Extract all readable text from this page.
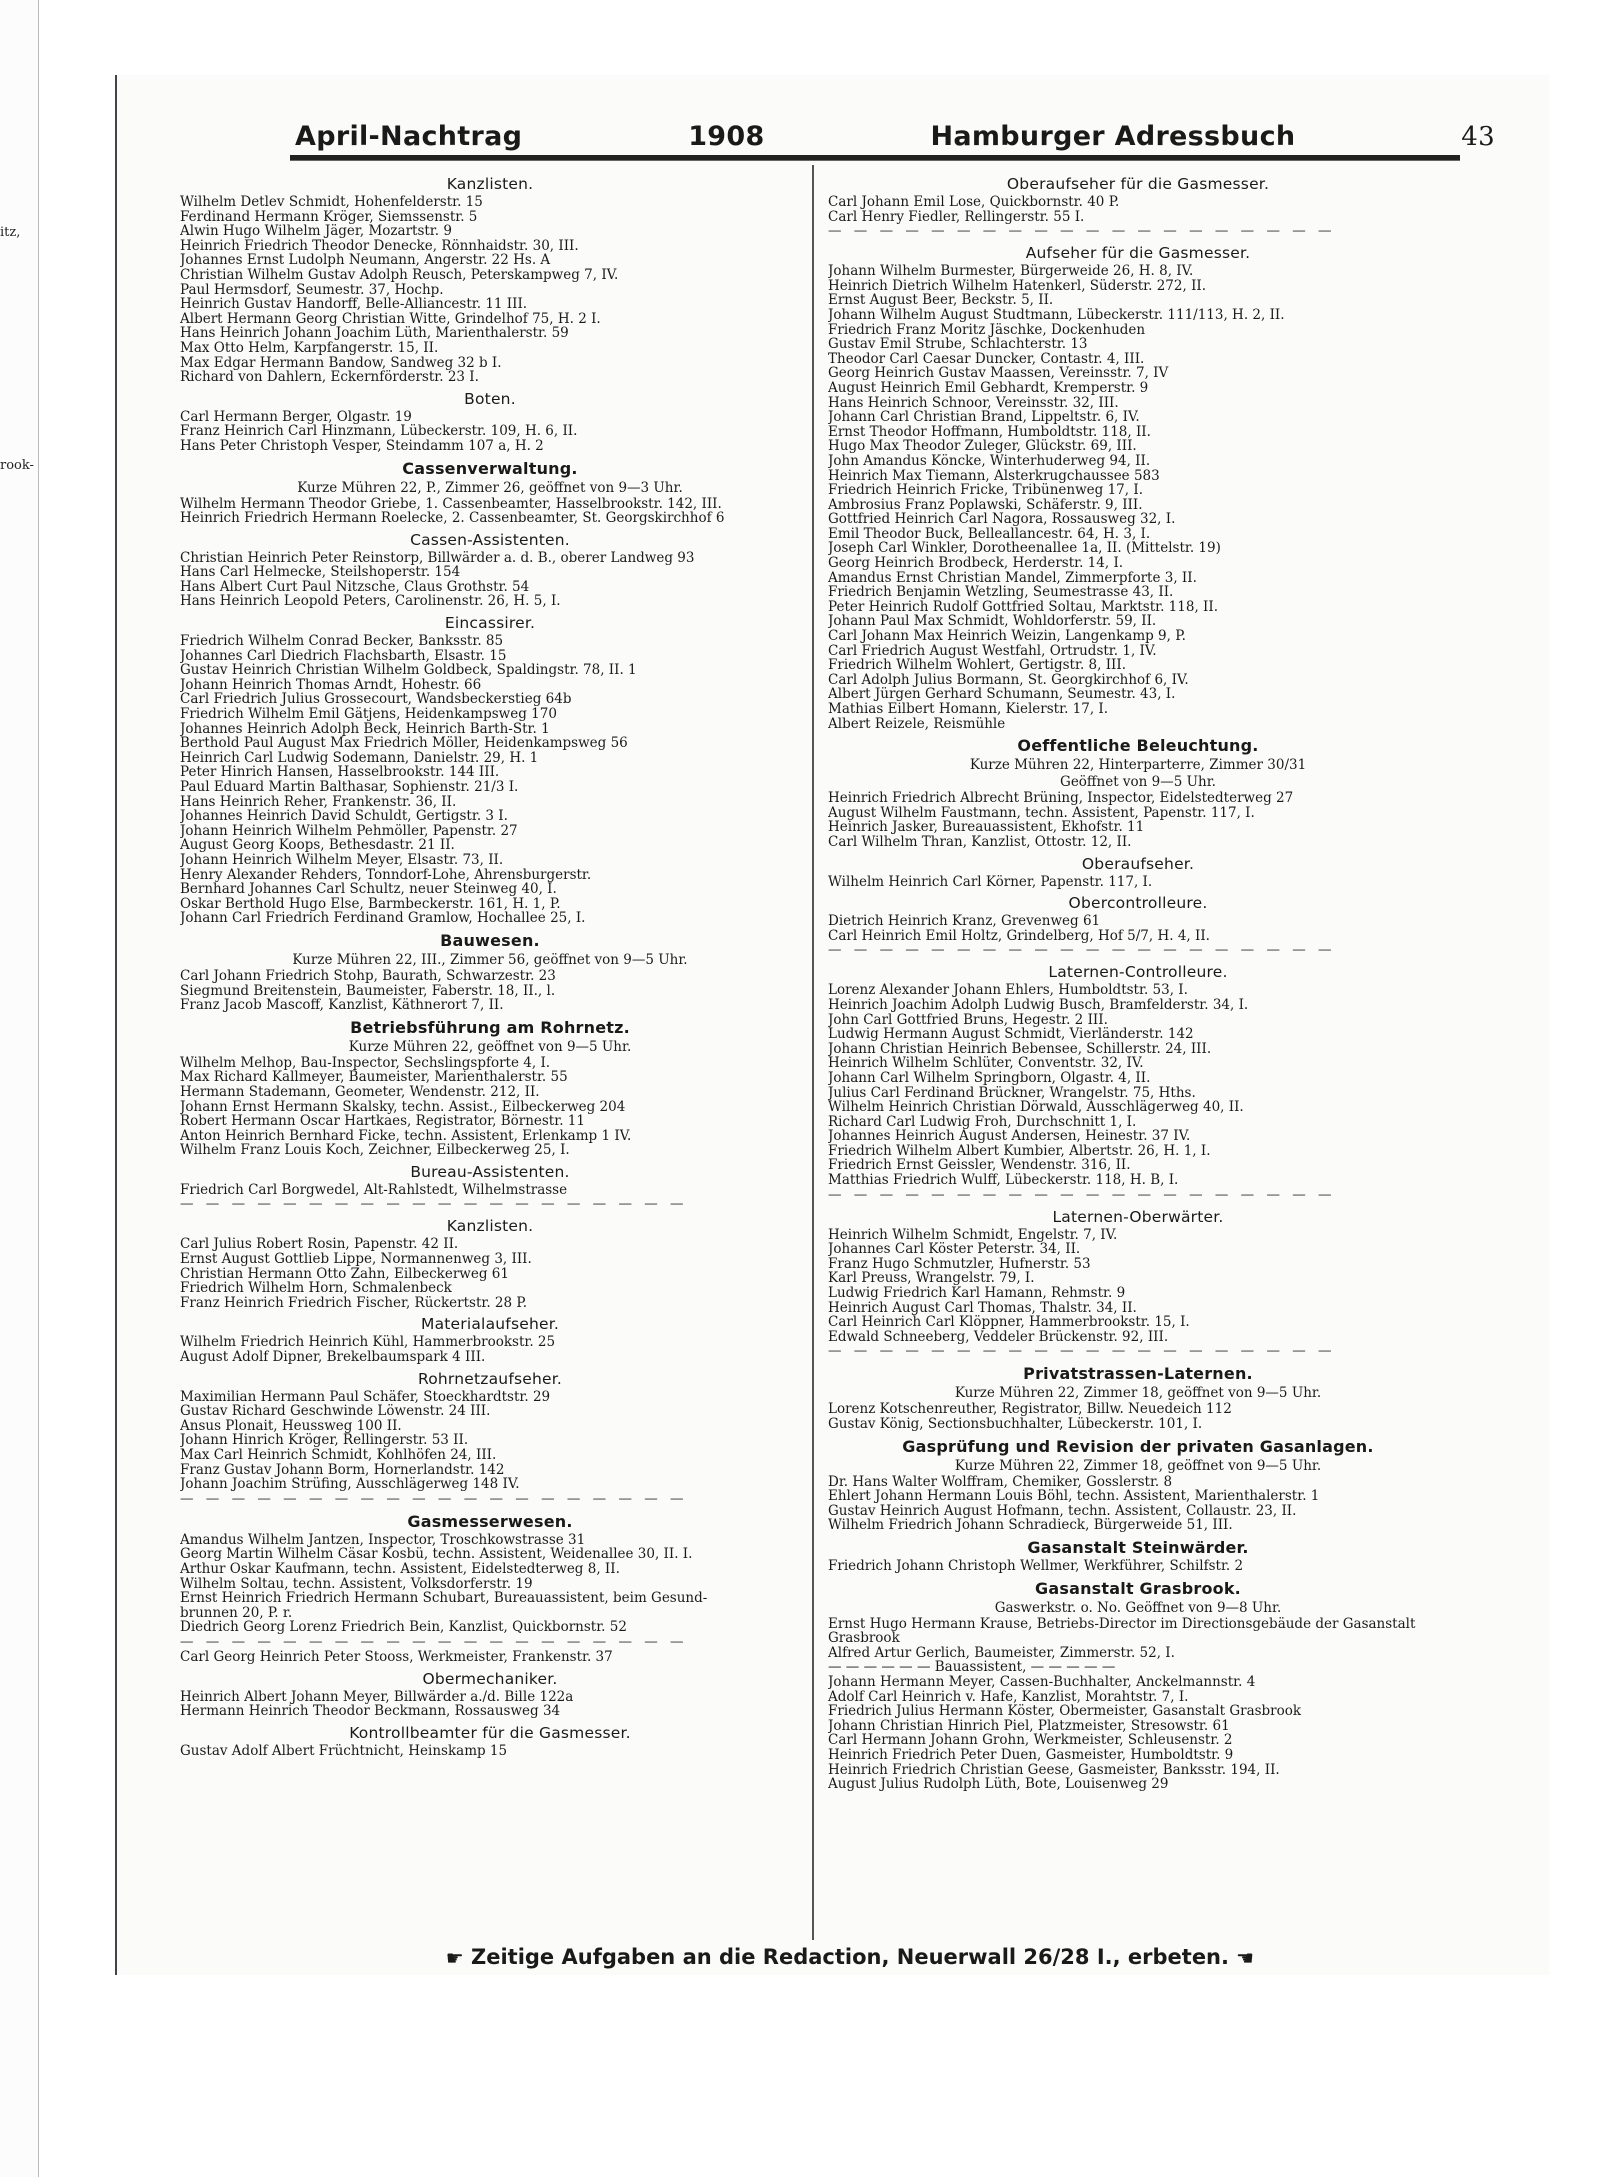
itz,
rook-
April-Nachtrag	1908	Hamburger Adressbuch	43
Kanzlisten.
Wilhelm Detlev Schmidt, Hohenfelderstr. 15
Ferdinand Hermann Kröger, Siemssenstr. 5
Alwin Hugo Wilhelm Jäger, Mozartstr. 9
Heinrich Friedrich Theodor Denecke, Rönnhaidstr. 30, III.
Johannes Ernst Ludolph Neumann, Angerstr. 22 Hs. A
Christian Wilhelm Gustav Adolph Reusch, Peterskampweg 7, IV.
Paul Hermsdorf, Seumestr. 37, Hochp.
Heinrich Gustav Handorff, Belle-Alliancestr. 11 III.
Albert Hermann Georg Christian Witte, Grindelhof 75, H. 2 I.
Hans Heinrich Johann Joachim Lüth, Marienthalerstr. 59
Max Otto Helm, Karpfangerstr. 15, II.
Max Edgar Hermann Bandow, Sandweg 32 b I.
Richard von Dahlern, Eckernförderstr. 23 I.
Boten.
Carl Hermann Berger, Olgastr. 19
Franz Heinrich Carl Hinzmann, Lübeckerstr. 109, H. 6, II.
Hans Peter Christoph Vesper, Steindamm 107 a, H. 2
Cassenverwaltung.
Kurze Mühren 22, P., Zimmer 26, geöffnet von 9—3 Uhr.
Wilhelm Hermann Theodor Griebe, 1. Cassenbeamter, Hasselbrookstr. 142, III.
Heinrich Friedrich Hermann Roelecke, 2. Cassenbeamter, St. Georgskirchhof 6
Cassen-Assistenten.
Christian Heinrich Peter Reinstorp, Billwärder a. d. B., oberer Landweg 93
Hans Carl Helmecke, Steilshoperstr. 154
Hans Albert Curt Paul Nitzsche, Claus Grothstr. 54
Hans Heinrich Leopold Peters, Carolinenstr. 26, H. 5, I.
Eincassirer.
Friedrich Wilhelm Conrad Becker, Banksstr. 85
Johannes Carl Diedrich Flachsbarth, Elsastr. 15
Gustav Heinrich Christian Wilhelm Goldbeck, Spaldingstr. 78, II. 1
Johann Heinrich Thomas Arndt, Hohestr. 66
Carl Friedrich Julius Grossecourt, Wandsbeckerstieg 64b
Friedrich Wilhelm Emil Gätjens, Heidenkampsweg 170
Johannes Heinrich Adolph Beck, Heinrich Barth-Str. 1
Berthold Paul August Max Friedrich Möller, Heidenkampsweg 56
Heinrich Carl Ludwig Sodemann, Danielstr. 29, H. 1
Peter Hinrich Hansen, Hasselbrookstr. 144 III.
Paul Eduard Martin Balthasar, Sophienstr. 21/3 I.
Hans Heinrich Reher, Frankenstr. 36, II.
Johannes Heinrich David Schuldt, Gertigstr. 3 I.
Johann Heinrich Wilhelm Pehmöller, Papenstr. 27
August Georg Koops, Bethesdastr. 21 II.
Johann Heinrich Wilhelm Meyer, Elsastr. 73, II.
Henry Alexander Rehders, Tonndorf-Lohe, Ahrensburgerstr.
Bernhard Johannes Carl Schultz, neuer Steinweg 40, I.
Oskar Berthold Hugo Else, Barmbeckerstr. 161, H. 1, P.
Johann Carl Friedrich Ferdinand Gramlow, Hochallee 25, I.
Bauwesen.
Kurze Mühren 22, III., Zimmer 56, geöffnet von 9—5 Uhr.
Carl Johann Friedrich Stohp, Baurath, Schwarzestr. 23
Siegmund Breitenstein, Baumeister, Faberstr. 18, II., l.
Franz Jacob Mascoff, Kanzlist, Käthnerort 7, II.
Betriebsführung am Rohrnetz.
Kurze Mühren 22, geöffnet von 9—5 Uhr.
Wilhelm Melhop, Bau-Inspector, Sechslingspforte 4, I.
Max Richard Kallmeyer, Baumeister, Marienthalerstr. 55
Hermann Stademann, Geometer, Wendenstr. 212, II.
Johann Ernst Hermann Skalsky, techn. Assist., Eilbeckerweg 204
Robert Hermann Oscar Hartkaes, Registrator, Börnestr. 11
Anton Heinrich Bernhard Ficke, techn. Assistent, Erlenkamp 1 IV.
Wilhelm Franz Louis Koch, Zeichner, Eilbeckerweg 25, I.
Bureau-Assistenten.
Friedrich Carl Borgwedel, Alt-Rahlstedt, Wilhelmstrasse
— — — — — — — — — — — — — — — — — — — —
Kanzlisten.
Carl Julius Robert Rosin, Papenstr. 42 II.
Ernst August Gottlieb Lippe, Normannenweg 3, III.
Christian Hermann Otto Zahn, Eilbeckerweg 61
Friedrich Wilhelm Horn, Schmalenbeck
Franz Heinrich Friedrich Fischer, Rückertstr. 28 P.
Materialaufseher.
Wilhelm Friedrich Heinrich Kühl, Hammerbrookstr. 25
August Adolf Dipner, Brekelbaumspark 4 III.
Rohrnetzaufseher.
Maximilian Hermann Paul Schäfer, Stoeckhardtstr. 29
Gustav Richard Geschwinde Löwenstr. 24 III.
Ansus Plonait, Heussweg 100 II.
Johann Hinrich Kröger, Rellingerstr. 53 II.
Max Carl Heinrich Schmidt, Kohlhöfen 24, III.
Franz Gustav Johann Borm, Hornerlandstr. 142
Johann Joachim Strüfing, Ausschlägerweg 148 IV.
— — — — — — — — — — — — — — — — — — — —
Gasmesserwesen.
Amandus Wilhelm Jantzen, Inspector, Troschkowstrasse 31
Georg Martin Wilhelm Cäsar Kosbü, techn. Assistent, Weidenallee 30, II. I.
Arthur Oskar Kaufmann, techn. Assistent, Eidelstedterweg 8, II.
Wilhelm Soltau, techn. Assistent, Volksdorferstr. 19
Ernst Heinrich Friedrich Hermann Schubart, Bureauassistent, beim Gesund-
brunnen 20, P. r.
Diedrich Georg Lorenz Friedrich Bein, Kanzlist, Quickbornstr. 52
— — — — — — — — — — — — — — — — — — — —
Carl Georg Heinrich Peter Stooss, Werkmeister, Frankenstr. 37
Obermechaniker.
Heinrich Albert Johann Meyer, Billwärder a./d. Bille 122a
Hermann Heinrich Theodor Beckmann, Rossausweg 34
Kontrollbeamter für die Gasmesser.
Gustav Adolf Albert Früchtnicht, Heinskamp 15
Oberaufseher für die Gasmesser.
Carl Johann Emil Lose, Quickbornstr. 40 P.
Carl Henry Fiedler, Rellingerstr. 55 I.
— — — — — — — — — — — — — — — — — — — —
Aufseher für die Gasmesser.
Johann Wilhelm Burmester, Bürgerweide 26, H. 8, IV.
Heinrich Dietrich Wilhelm Hatenkerl, Süderstr. 272, II.
Ernst August Beer, Beckstr. 5, II.
Johann Wilhelm August Studtmann, Lübeckerstr. 111/113, H. 2, II.
Friedrich Franz Moritz Jäschke, Dockenhuden
Gustav Emil Strube, Schlachterstr. 13
Theodor Carl Caesar Duncker, Contastr. 4, III.
Georg Heinrich Gustav Maassen, Vereinsstr. 7, IV
August Heinrich Emil Gebhardt, Kremperstr. 9
Hans Heinrich Schnoor, Vereinsstr. 32, III.
Johann Carl Christian Brand, Lippeltstr. 6, IV.
Ernst Theodor Hoffmann, Humboldtstr. 118, II.
Hugo Max Theodor Zuleger, Glückstr. 69, III.
John Amandus Köncke, Winterhuderweg 94, II.
Heinrich Max Tiemann, Alsterkrugchaussee 583
Friedrich Heinrich Fricke, Tribünenweg 17, I.
Ambrosius Franz Poplawski, Schäferstr. 9, III.
Gottfried Heinrich Carl Nagora, Rossausweg 32, I.
Emil Theodor Buck, Belleallancestr. 64, H. 3, I.
Joseph Carl Winkler, Dorotheenallee 1a, II. (Mittelstr. 19)
Georg Heinrich Brodbeck, Herderstr. 14, I.
Amandus Ernst Christian Mandel, Zimmerpforte 3, II.
Friedrich Benjamin Wetzling, Seumestrasse 43, II.
Peter Heinrich Rudolf Gottfried Soltau, Marktstr. 118, II.
Johann Paul Max Schmidt, Wohldorferstr. 59, II.
Carl Johann Max Heinrich Weizin, Langenkamp 9, P.
Carl Friedrich August Westfahl, Ortrudstr. 1, IV.
Friedrich Wilhelm Wohlert, Gertigstr. 8, III.
Carl Adolph Julius Bormann, St. Georgkirchhof 6, IV.
Albert Jürgen Gerhard Schumann, Seumestr. 43, I.
Mathias Eilbert Homann, Kielerstr. 17, I.
Albert Reizele, Reismühle
Oeffentliche Beleuchtung.
Kurze Mühren 22, Hinterparterre, Zimmer 30/31
Geöffnet von 9—5 Uhr.
Heinrich Friedrich Albrecht Brüning, Inspector, Eidelstedterweg 27
August Wilhelm Faustmann, techn. Assistent, Papenstr. 117, I.
Heinrich Jasker, Bureauassistent, Ekhofstr. 11
Carl Wilhelm Thran, Kanzlist, Ottostr. 12, II.
Oberaufseher.
Wilhelm Heinrich Carl Körner, Papenstr. 117, I.
Obercontrolleure.
Dietrich Heinrich Kranz, Grevenweg 61
Carl Heinrich Emil Holtz, Grindelberg, Hof 5/7, H. 4, II.
— — — — — — — — — — — — — — — — — — — —
Laternen-Controlleure.
Lorenz Alexander Johann Ehlers, Humboldtstr. 53, I.
Heinrich Joachim Adolph Ludwig Busch, Bramfelderstr. 34, I.
John Carl Gottfried Bruns, Hegestr. 2 III.
Ludwig Hermann August Schmidt, Vierländerstr. 142
Johann Christian Heinrich Bebensee, Schillerstr. 24, III.
Heinrich Wilhelm Schlüter, Conventstr. 32, IV.
Johann Carl Wilhelm Springborn, Olgastr. 4, II.
Julius Carl Ferdinand Brückner, Wrangelstr. 75, Hths.
Wilhelm Heinrich Christian Dörwald, Ausschlägerweg 40, II.
Richard Carl Ludwig Froh, Durchschnitt 1, I.
Johannes Heinrich August Andersen, Heinestr. 37 IV.
Friedrich Wilhelm Albert Kumbier, Albertstr. 26, H. 1, I.
Friedrich Ernst Geissler, Wendenstr. 316, II.
Matthias Friedrich Wulff, Lübeckerstr. 118, H. B, I.
— — — — — — — — — — — — — — — — — — — —
Laternen-Oberwärter.
Heinrich Wilhelm Schmidt, Engelstr. 7, IV.
Johannes Carl Köster Peterstr. 34, II.
Franz Hugo Schmutzler, Hufnerstr. 53
Karl Preuss, Wrangelstr. 79, I.
Ludwig Friedrich Karl Hamann, Rehmstr. 9
Heinrich August Carl Thomas, Thalstr. 34, II.
Carl Heinrich Carl Klöppner, Hammerbrookstr. 15, I.
Edwald Schneeberg, Veddeler Brückenstr. 92, III.
— — — — — — — — — — — — — — — — — — — —
Privatstrassen-Laternen.
Kurze Mühren 22, Zimmer 18, geöffnet von 9—5 Uhr.
Lorenz Kotschenreuther, Registrator, Billw. Neuedeich 112
Gustav König, Sectionsbuchhalter, Lübeckerstr. 101, I.
Gasprüfung und Revision der privaten Gasanlagen.
Kurze Mühren 22, Zimmer 18, geöffnet von 9—5 Uhr.
Dr. Hans Walter Wolffram, Chemiker, Gosslerstr. 8
Ehlert Johann Hermann Louis Böhl, techn. Assistent, Marienthalerstr. 1
Gustav Heinrich August Hofmann, techn. Assistent, Collaustr. 23, II.
Wilhelm Friedrich Johann Schradieck, Bürgerweide 51, III.
Gasanstalt Steinwärder.
Friedrich Johann Christoph Wellmer, Werkführer, Schilfstr. 2
Gasanstalt Grasbrook.
Gaswerkstr. o. No. Geöffnet von 9—8 Uhr.
Ernst Hugo Hermann Krause, Betriebs-Director im Directionsgebäude der Gasanstalt
Grasbrook
Alfred Artur Gerlich, Baumeister, Zimmerstr. 52, I.
— — — — — — Bauassistent, — — — — —
Johann Hermann Meyer, Cassen-Buchhalter, Anckelmannstr. 4
Adolf Carl Heinrich v. Hafe, Kanzlist, Morahtstr. 7, I.
Friedrich Julius Hermann Köster, Obermeister, Gasanstalt Grasbrook
Johann Christian Hinrich Piel, Platzmeister, Stresowstr. 61
Carl Hermann Johann Grohn, Werkmeister, Schleusenstr. 2
Heinrich Friedrich Peter Duen, Gasmeister, Humboldtstr. 9
Heinrich Friedrich Christian Geese, Gasmeister, Banksstr. 194, II.
August Julius Rudolph Lüth, Bote, Louisenweg 29
☛ Zeitige Aufgaben an die Redaction, Neuerwall 26/28 I., erbeten. ☛
